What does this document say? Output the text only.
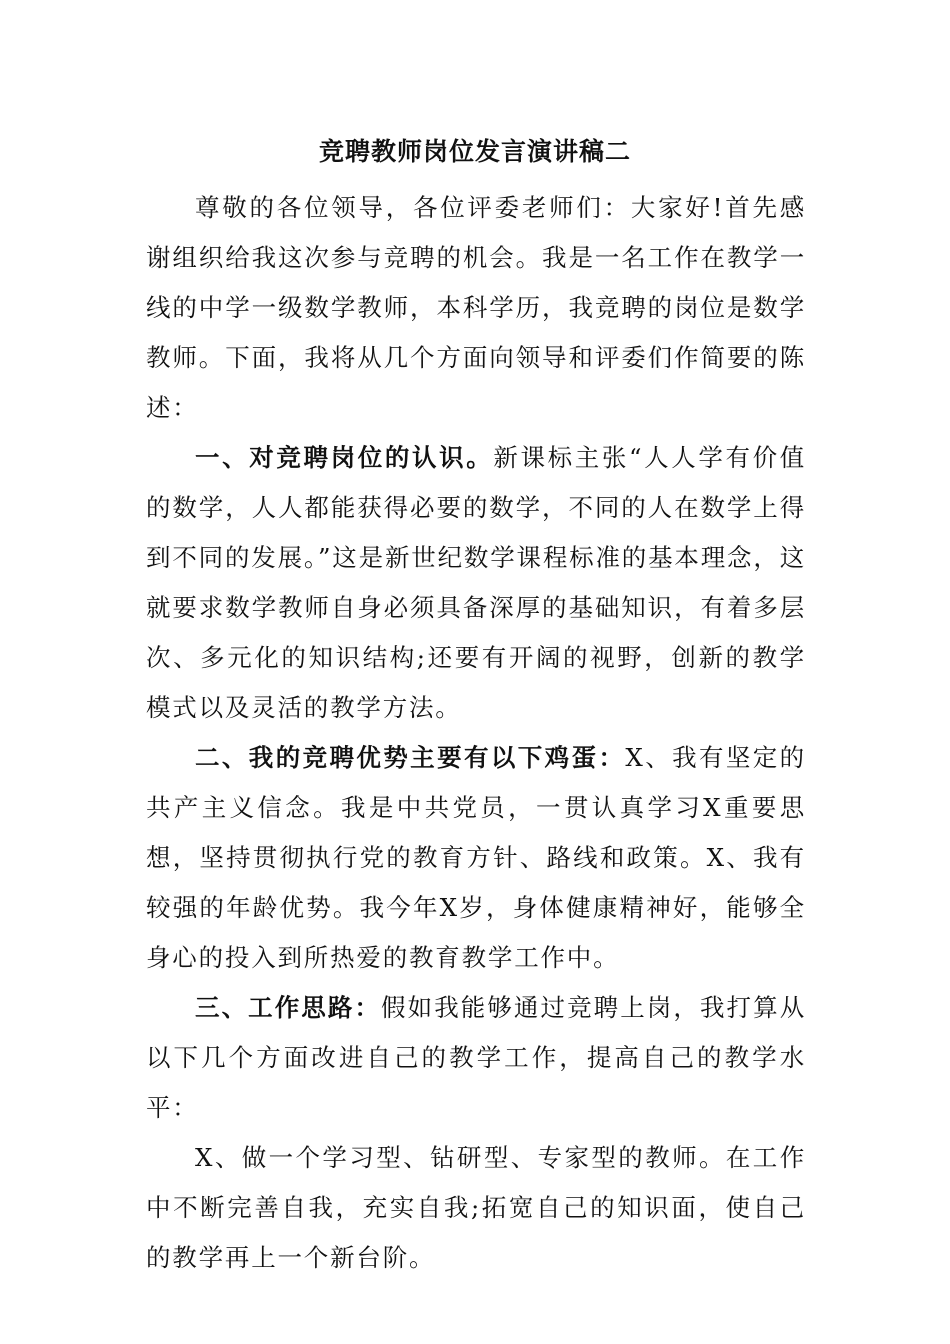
竞聘教师岗位发言演讲稿二

尊敬的各位领导，各位评委老师们：大家好!首先感谢组织给我这次参与竞聘的机会。我是一名工作在教学一线的中学一级数学教师，本科学历，我竞聘的岗位是数学教师。下面，我将从几个方面向领导和评委们作简要的陈述：

一、对竞聘岗位的认识。新课标主张“人人学有价值的数学，人人都能获得必要的数学，不同的人在数学上得到不同的发展。”这是新世纪数学课程标准的基本理念，这就要求数学教师自身必须具备深厚的基础知识，有着多层次、多元化的知识结构;还要有开阔的视野，创新的教学模式以及灵活的教学方法。

二、我的竞聘优势主要有以下鸡蛋：X、我有坚定的共产主义信念。我是中共党员，一贯认真学习X重要思想，坚持贯彻执行党的教育方针、路线和政策。X、我有较强的年龄优势。我今年X岁，身体健康精神好，能够全身心的投入到所热爱的教育教学工作中。

三、工作思路：假如我能够通过竞聘上岗，我打算从以下几个方面改进自己的教学工作，提高自己的教学水平：

X、做一个学习型、钻研型、专家型的教师。在工作中不断完善自我，充实自我;拓宽自己的知识面，使自己的教学再上一个新台阶。
